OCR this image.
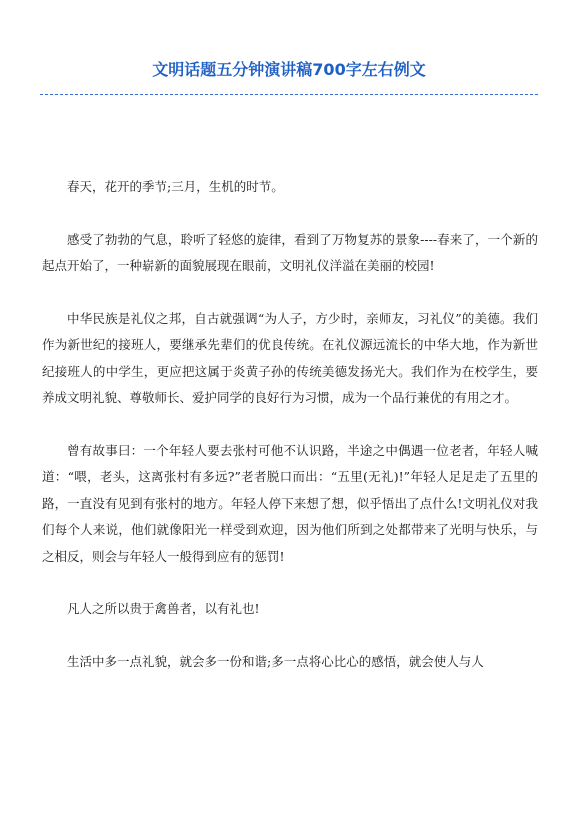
文明话题五分钟演讲稿700字左右例文

春天，花开的季节;三月，生机的时节。

感受了勃勃的气息，聆听了轻悠的旋律，看到了万物复苏的景象----春来了，一个新的起点开始了，一种崭新的面貌展现在眼前，文明礼仪洋溢在美丽的校园!

中华民族是礼仪之邦，自古就强调“为人子，方少时，亲师友，习礼仪”的美德。我们作为新世纪的接班人，要继承先辈们的优良传统。在礼仪源远流长的中华大地，作为新世纪接班人的中学生，更应把这属于炎黄子孙的传统美德发扬光大。我们作为在校学生，要养成文明礼貌、尊敬师长、爱护同学的良好行为习惯，成为一个品行兼优的有用之才。

曾有故事曰：一个年轻人要去张村可他不认识路，半途之中偶遇一位老者，年轻人喊道：“喂，老头，这离张村有多远?”老者脱口而出：“五里(无礼)!”年轻人足足走了五里的路，一直没有见到有张村的地方。年轻人停下来想了想，似乎悟出了点什么!文明礼仪对我们每个人来说，他们就像阳光一样受到欢迎，因为他们所到之处都带来了光明与快乐，与之相反，则会与年轻人一般得到应有的惩罚!

凡人之所以贵于禽兽者，以有礼也!

生活中多一点礼貌，就会多一份和谐;多一点将心比心的感悟，就会使人与人
